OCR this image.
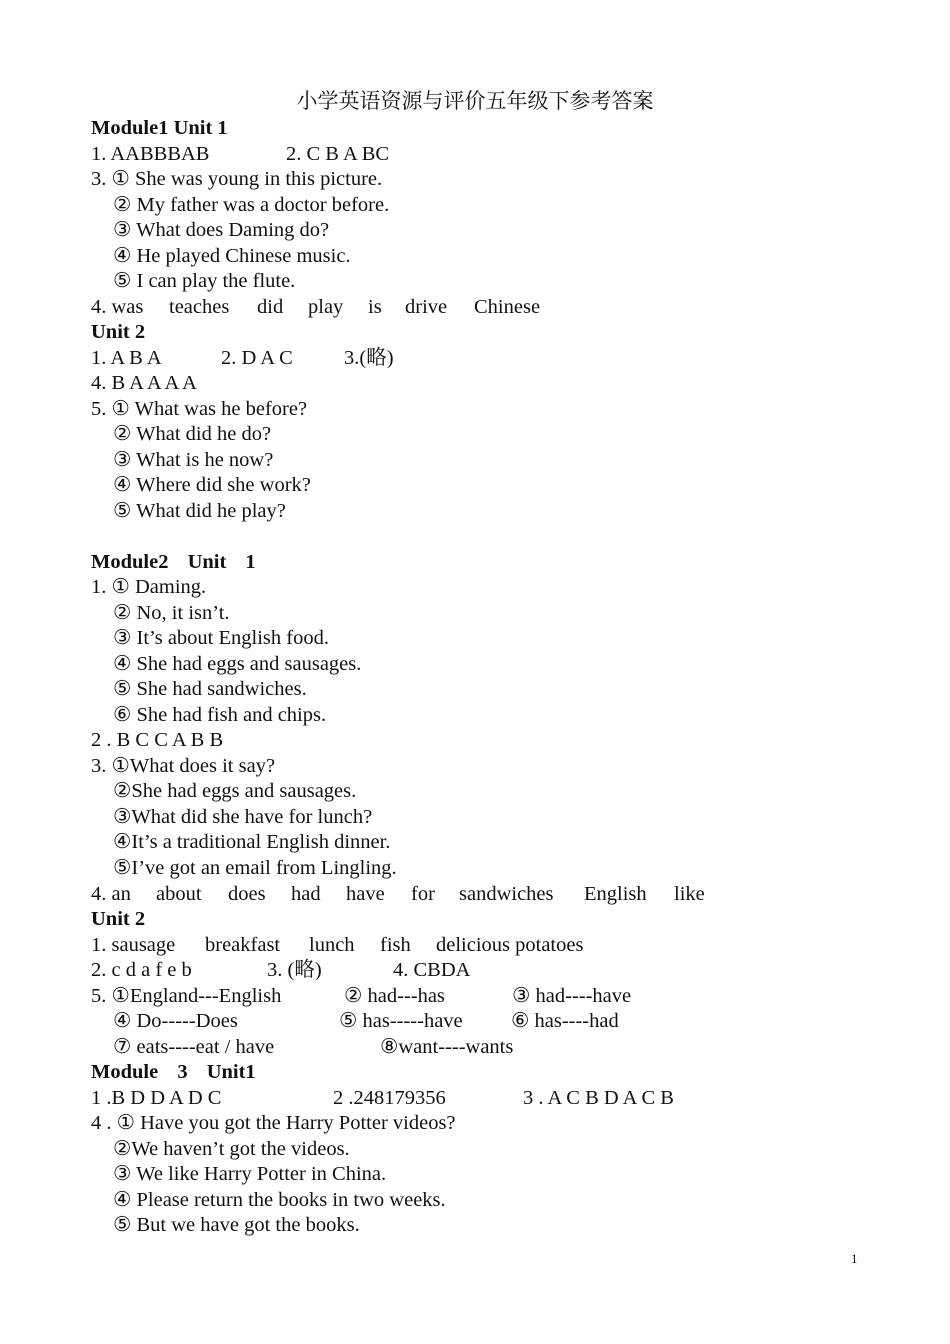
小学英语资源与评价五年级下参考答案
Module1 Unit 1

1. AABBBAB

	2. C B A BC

3. ① She was young in this picture.
② My father was a doctor before.
③ What does Daming do?
④ He played Chinese music.
⑤ I can play the flute.

4. was

teaches

did

play

is

drive

Chinese

Unit 2

1. A B A

	2. D A C

3.(略)

4. B A A A A
5. ① What was he before?
② What did he do?
③ What is he now?
④ Where did she work?
⑤ What did he play?
Module2 Unit 1
1. ① Daming.
② No, it isn’t.
③ It’s about English food.
④ She had eggs and sausages.
⑤ She had sandwiches.
⑥ She had fish and chips.
2 . B C C A B B
3. ①What does it say?
②She had eggs and sausages.
③What did she have for lunch?
④It’s a traditional English dinner.
⑤I’ve got an email from Lingling.

4. an

about

does

had

have

for

sandwiches

English

like

Unit 2

1. sausage

breakfast

lunch

fish

delicious potatoes

2. c d a f e b

	3. (略)

	4. CBDA

5. ①England---English

	② had---has

	③ had----have

④ Do-----Does

	⑤ has-----have

⑥ has----had

⑦ eats----eat / have

	⑧want----wants

Module 3 Unit1

1 .B D D A D C

	2 .248179356

	3 . A C B D A C B

4 . ① Have you got the Harry Potter videos?
②We haven’t got the videos.
③ We like Harry Potter in China.
④ Please return the books in two weeks.
⑤ But we have got the books.
1
